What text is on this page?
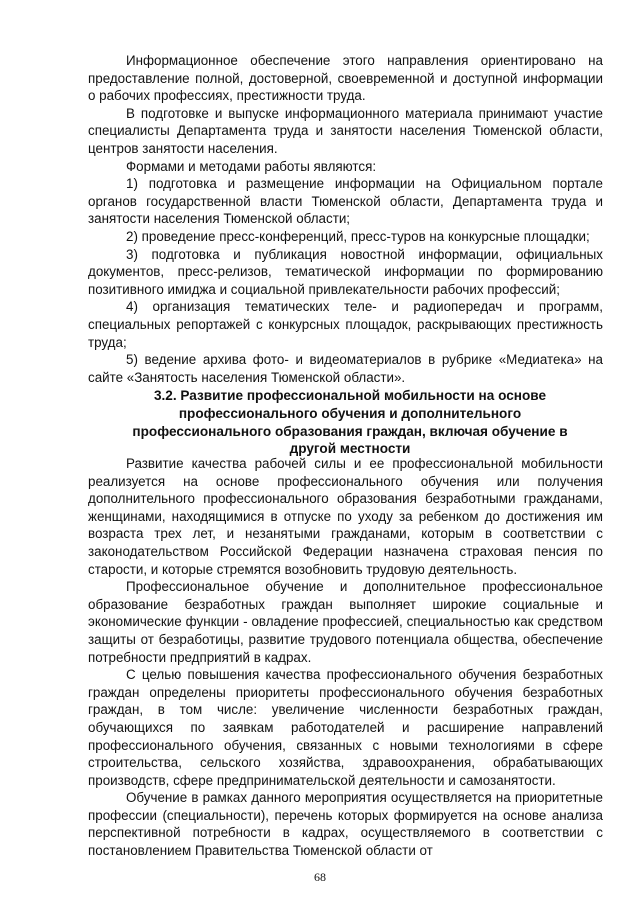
Информационное обеспечение этого направления ориентировано на предоставление полной, достоверной, своевременной и доступной информации о рабочих профессиях, престижности труда.

В подготовке и выпуске информационного материала принимают участие специалисты Департамента труда и занятости населения Тюменской области, центров занятости населения.

Формами и методами работы являются:

1) подготовка и размещение информации на Официальном портале органов государственной власти Тюменской области, Департамента труда и занятости населения Тюменской области;

2) проведение пресс-конференций, пресс-туров на конкурсные площадки;

3) подготовка и публикация новостной информации, официальных документов, пресс-релизов, тематической информации по формированию позитивного имиджа и социальной привлекательности рабочих профессий;

4) организация тематических теле- и радиопередач и программ, специальных репортажей с конкурсных площадок, раскрывающих престижность труда;

5) ведение архива фото- и видеоматериалов в рубрике «Медиатека» на сайте «Занятость населения Тюменской области».

3.2. Развитие профессиональной мобильности на основе профессионального обучения и дополнительного профессионального образования граждан, включая обучение в другой местности

Развитие качества рабочей силы и ее профессиональной мобильности реализуется на основе профессионального обучения или получения дополнительного профессионального образования безработными гражданами, женщинами, находящимися в отпуске по уходу за ребенком до достижения им возраста трех лет, и незанятыми гражданами, которым в соответствии с законодательством Российской Федерации назначена страховая пенсия по старости, и которые стремятся возобновить трудовую деятельность.

Профессиональное обучение и дополнительное профессиональное образование безработных граждан выполняет широкие социальные и экономические функции - овладение профессией, специальностью как средством защиты от безработицы, развитие трудового потенциала общества, обеспечение потребности предприятий в кадрах.

С целью повышения качества профессионального обучения безработных граждан определены приоритеты профессионального обучения безработных граждан, в том числе: увеличение численности безработных граждан, обучающихся по заявкам работодателей и расширение направлений профессионального обучения, связанных с новыми технологиями в сфере строительства, сельского хозяйства, здравоохранения, обрабатывающих производств, сфере предпринимательской деятельности и самозанятости.

Обучение в рамках данного мероприятия осуществляется на приоритетные профессии (специальности), перечень которых формируется на основе анализа перспективной потребности в кадрах, осуществляемого в соответствии с постановлением Правительства Тюменской области от

68
